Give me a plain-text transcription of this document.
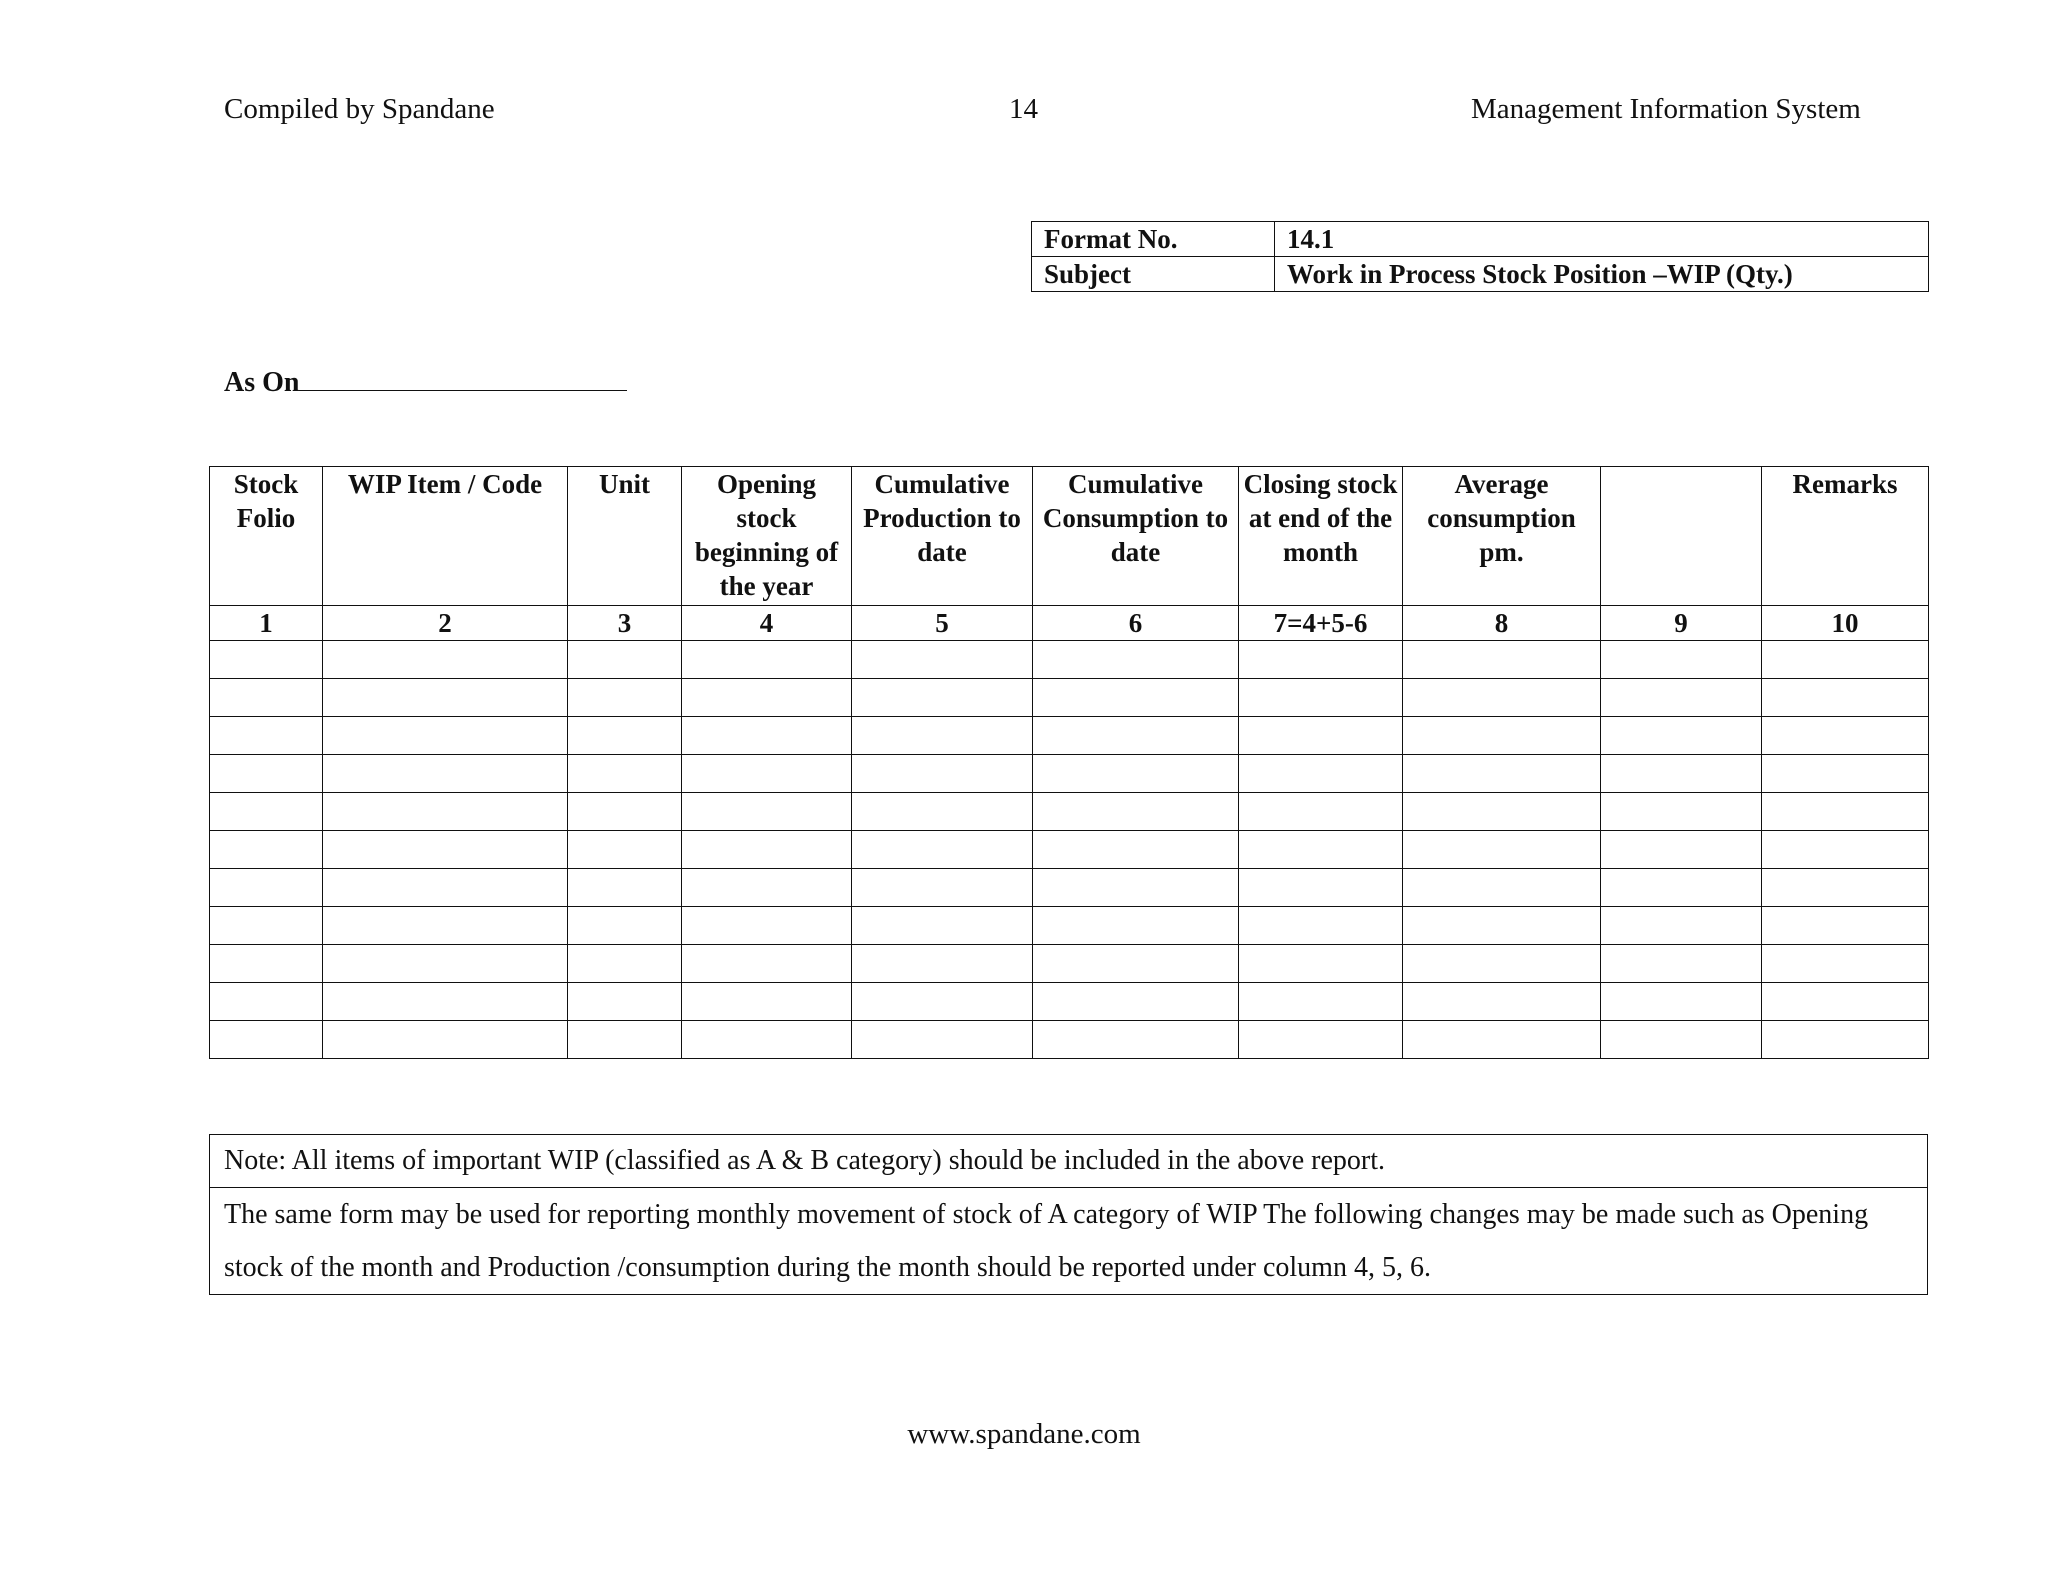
Compiled by Spandane	14	Management Information System
Format No.	14.1
Subject	Work in Process Stock Position –WIP (Qty.)
As On
Stock Folio	WIP Item / Code	Unit	Opening stock beginning of the year	Cumulative Production to date	Cumulative Consumption to date	Closing stock at end of the month	Average consumption pm.		Remarks
1	2	3	4	5	6	7=4+5-6	8	9	10

Note: All items of important WIP (classified as A & B category) should be included in the above report.
The same form may be used for reporting monthly movement of stock of A category of WIP The following changes may be made such as Opening stock of the month and Production /consumption during the month should be reported under column 4, 5, 6.
www.spandane.com
